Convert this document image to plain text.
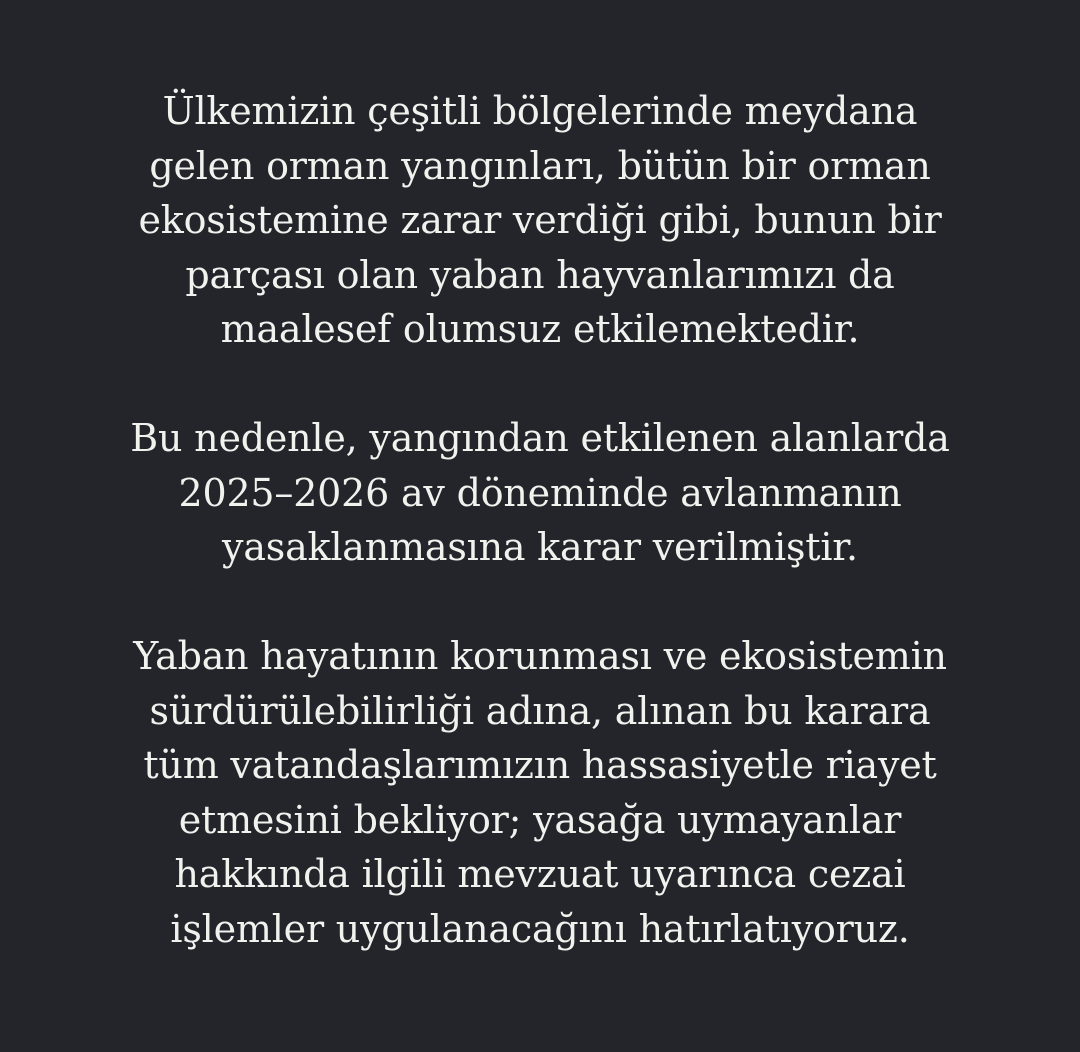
Ülkemizin çeşitli bölgelerinde meydana
gelen orman yangınları, bütün bir orman
ekosistemine zarar verdiği gibi, bunun bir
parçası olan yaban hayvanlarımızı da
maalesef olumsuz etkilemektedir.

Bu nedenle, yangından etkilenen alanlarda
2025–2026 av döneminde avlanmanın
yasaklanmasına karar verilmiştir.

Yaban hayatının korunması ve ekosistemin
sürdürülebilirliği adına, alınan bu karara
tüm vatandaşlarımızın hassasiyetle riayet
etmesini bekliyor; yasağa uymayanlar
hakkında ilgili mevzuat uyarınca cezai
işlemler uygulanacağını hatırlatıyoruz.
